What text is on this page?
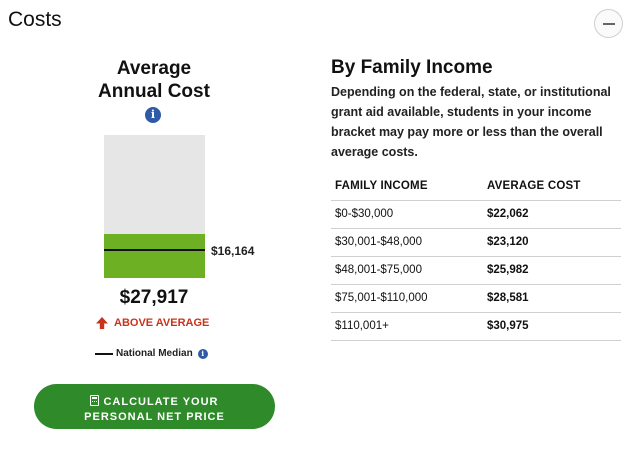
Costs
Average
Annual Cost
i
$16,164
$27,917
ABOVE AVERAGE
National Median	i
CALCULATE YOUR
PERSONAL NET PRICE
By Family Income
Depending on the federal, state, or institutional grant aid available, students in your income bracket may pay more or less than the overall average costs.
FAMILY INCOME	AVERAGE COST
$0-$30,000	$22,062
$30,001-$48,000	$23,120
$48,001-$75,000	$25,982
$75,001-$110,000	$28,581
$110,001+	$30,975
